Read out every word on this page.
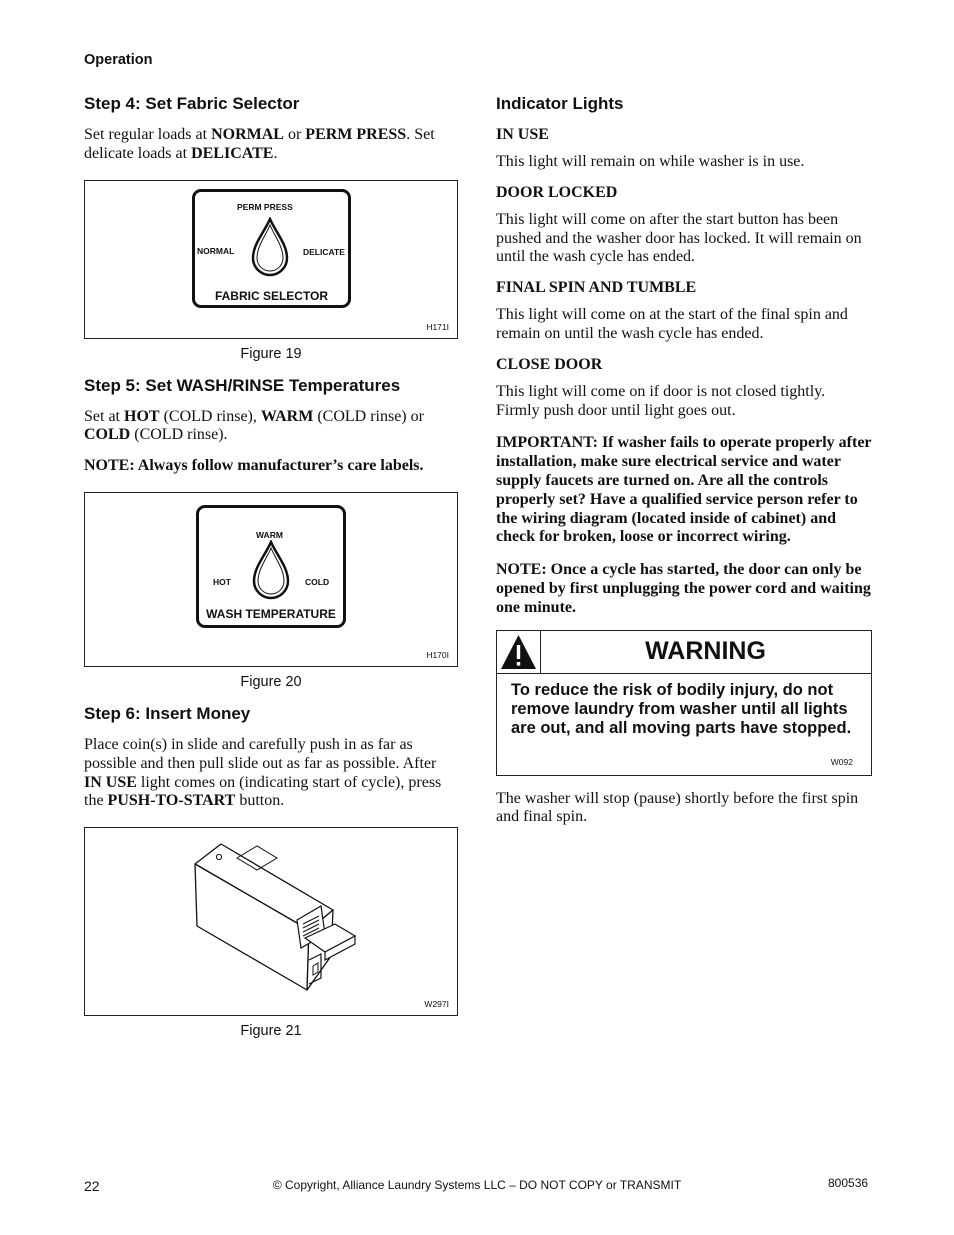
Operation
Step 4: Set Fabric Selector

Set regular loads at NORMAL or PERM PRESS. Set delicate loads at DELICATE.

PERM PRESS
NORMAL	DELICATE
FABRIC SELECTOR
H171I
Figure 19
Step 5: Set WASH/RINSE Temperatures

Set at HOT (COLD rinse), WARM (COLD rinse) or COLD (COLD rinse).

NOTE: Always follow manufacturer’s care labels.

WARM
HOT	COLD
WASH TEMPERATURE
H170I
Figure 20
Step 6: Insert Money

Place coin(s) in slide and carefully push in as far as possible and then pull slide out as far as possible. After IN USE light comes on (indicating start of cycle), press the PUSH-TO-START button.

W297I
Figure 21
Indicator Lights
IN USE

This light will remain on while washer is in use.

DOOR LOCKED

This light will come on after the start button has been pushed and the washer door has locked. It will remain on until the wash cycle has ended.

FINAL SPIN AND TUMBLE

This light will come on at the start of the final spin and remain on until the wash cycle has ended.

CLOSE DOOR

This light will come on if door is not closed tightly. Firmly push door until light goes out.

IMPORTANT: If washer fails to operate properly after installation, make sure electrical service and water supply faucets are turned on. Are all the controls properly set? Have a qualified service person refer to the wiring diagram (located inside of cabinet) and check for broken, loose or incorrect wiring.

NOTE: Once a cycle has started, the door can only be opened by first unplugging the power cord and waiting one minute.

WARNING
To reduce the risk of bodily injury, do not remove laundry from washer until all lights are out, and all moving parts have stopped.
W092

The washer will stop (pause) shortly before the first spin and final spin.

22	© Copyright, Alliance Laundry Systems LLC – DO NOT COPY or TRANSMIT	800536
